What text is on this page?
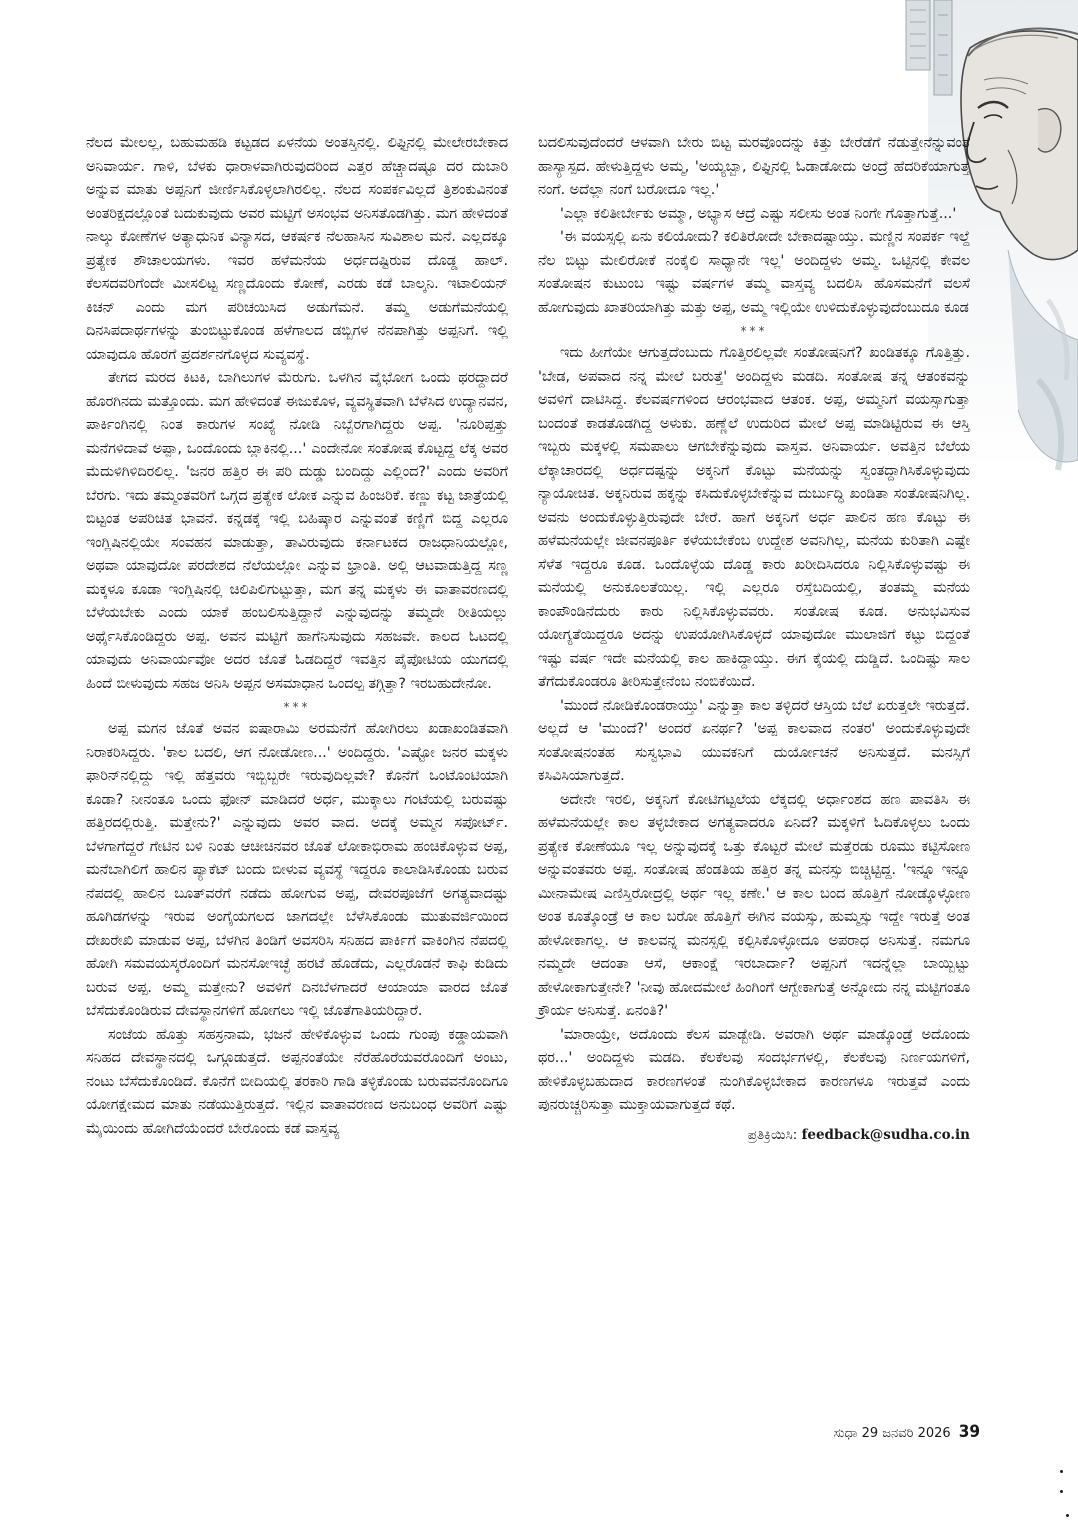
ನೆಲದ ಮೇಲಲ್ಲ, ಬಹುಮಹಡಿ ಕಟ್ಟಡದ ಏಳನೆಯ ಅಂತಸ್ತಿನಲ್ಲಿ. ಲಿಫ್ಟಿನಲ್ಲಿ ಮೇಲೇರಬೇಕಾದ ಅನಿವಾರ್ಯ. ಗಾಳಿ, ಬೆಳಕು ಧಾರಾಳವಾಗಿರುವುದರಿಂದ ಎತ್ತರ ಹೆಚ್ಚಾದಷ್ಟೂ ದರ ದುಬಾರಿ ಅನ್ನುವ ಮಾತು ಅಪ್ಪನಿಗೆ ಜೀರ್ಣಿಸಿಕೊಳ್ಳಲಾಗಿರಲಿಲ್ಲ. ನೆಲದ ಸಂಪರ್ಕವಿಲ್ಲದೆ ತ್ರಿಶಂಕುವಿನಂತೆ ಅಂತರಿಕ್ಷದಲ್ಲೊಂತೆ ಬದುಕುವುದು ಅವರ ಮಟ್ಟಿಗೆ ಅಸಂಭವ ಅನಿಸತೊಡಗಿತ್ತು. ಮಗ ಹೇಳಿದಂತೆ ನಾಲ್ಕು ಕೋಣೆಗಳ ಅತ್ಯಾಧುನಿಕ ವಿನ್ಯಾಸದ, ಆಕರ್ಷಕ ನೆಲಹಾಸಿನ ಸುವಿಶಾಲ ಮನೆ. ಎಲ್ಲದಕ್ಕೂ ಪ್ರತ್ಯೇಕ ಶೌಚಾಲಯಗಳು. ಇವರ ಹಳೆಮನೆಯ ಅರ್ಧದಷ್ಟಿರುವ ದೊಡ್ಡ ಹಾಲ್. ಕೆಲಸದವರಿಗೆಂದೇ ಮೀಸಲಿಟ್ಟ ಸಣ್ಣದೊಂದು ಕೋಣೆ, ಎರಡು ಕಡೆ ಬಾಲ್ಕನಿ. ಇಟಾಲಿಯನ್ ಕಿಚನ್ ಎಂದು ಮಗ ಪರಿಚಯಿಸಿದ ಅಡುಗೆಮನೆ. ತಮ್ಮ ಅಡುಗೆಮನೆಯಲ್ಲಿ ದಿನಸಿಪದಾರ್ಥಗಳನ್ನು ತುಂಬಿಟ್ಟುಕೊಂಡ ಹಳೆಗಾಲದ ಡಬ್ಬಿಗಳ ನೆನಪಾಗಿತ್ತು ಅಪ್ಪನಿಗೆ. ಇಲ್ಲಿ ಯಾವುದೂ ಹೊರಗೆ ಪ್ರದರ್ಶನಗೊಳ್ಳದ ಸುವ್ಯವಸ್ಥೆ.

ತೇಗದ ಮರದ ಕಿಟಕಿ, ಬಾಗಿಲುಗಳ ಮೆರುಗು. ಒಳಗಿನ ವೈಭೋಗ ಒಂದು ಥರದ್ದಾದರೆ ಹೊರಗಿನದು ಮತ್ತೊಂದು. ಮಗ ಹೇಳಿದಂತೆ ಈಜುಕೊಳ, ವ್ಯವಸ್ಥಿತವಾಗಿ ಬೆಳೆಸಿದ ಉದ್ಯಾನವನ, ಪಾರ್ಕಿಂಗಿನಲ್ಲಿ ನಿಂತ ಕಾರುಗಳ ಸಂಖ್ಯೆ ನೋಡಿ ನಿಬ್ಬೆರಗಾಗಿದ್ದರು ಅಪ್ಪ. 'ನೂರಿಪ್ಪತ್ತು ಮನೆಗಳಿದಾವೆ ಅಪ್ಪಾ, ಒಂದೊಂದು ಬ್ಲಾಕಿನಲ್ಲಿ...' ಎಂದೇನೋ ಸಂತೋಷ ಕೊಟ್ಟದ್ದ ಲೆಕ್ಕ ಅವರ ಮೆದುಳಿಗಿಳಿದಿರಲಿಲ್ಲ. 'ಜನರ ಹತ್ತಿರ ಈ ಪರಿ ದುಡ್ಡು ಬಂದಿದ್ದು ಎಲ್ಲಿಂದ?' ಎಂದು ಅವರಿಗೆ ಬೆರಗು. ಇದು ತಮ್ಮಂತವರಿಗೆ ಒಗ್ಗದ ಪ್ರತ್ಯೇಕ ಲೋಕ ಎನ್ನುವ ಹಿಂಜರಿಕೆ. ಕಣ್ಣು ಕಟ್ಟ ಜಾತ್ರೆಯಲ್ಲಿ ಬಿಟ್ಟಂತ ಅಪರಿಚಿತ ಭಾವನೆ. ಕನ್ನಡಕ್ಕೆ ಇಲ್ಲಿ ಬಹಿಷ್ಕಾರ ಎನ್ನುವಂತೆ ಕಣ್ಣಿಗೆ ಬಿದ್ದ ಎಲ್ಲರೂ ಇಂಗ್ಲಿಷಿನಲ್ಲಿಯೇ ಸಂವಹನ ಮಾಡುತ್ತಾ, ತಾವಿರುವುದು ಕರ್ನಾಟಕದ ರಾಜಧಾನಿಯಲ್ಲೋ, ಅಥವಾ ಯಾವುದೋ ಪರದೇಶದ ನೆಲೆಯಲ್ಲೋ ಎನ್ನುವ ಭ್ರಾಂತಿ. ಅಲ್ಲಿ ಆಟವಾಡುತ್ತಿದ್ದ ಸಣ್ಣ ಮಕ್ಕಳೂ ಕೂಡಾ ಇಂಗ್ಲಿಷಿನಲ್ಲಿ ಚಿಲಿಪಿಲಿಗುಟ್ಟುತ್ತಾ, ಮಗ ತನ್ನ ಮಕ್ಕಳು ಈ ವಾತಾವರಣದಲ್ಲಿ ಬೆಳೆಯಬೇಕು ಎಂದು ಯಾಕೆ ಹಂಬಲಿಸುತ್ತಿದ್ದಾನೆ ಎನ್ನುವುದನ್ನು ತಮ್ಮದೇ ರೀತಿಯಲ್ಲು ಅರ್ಥೈಸಿಕೊಂಡಿದ್ದರು ಅಪ್ಪ. ಅವನ ಮಟ್ಟಿಗೆ ಹಾಗೆನಿಸುವುದು ಸಹಜವೇ. ಕಾಲದ ಓಟದಲ್ಲಿ ಯಾವುದು ಅನಿವಾರ್ಯವೋ ಅದರ ಜೊತೆ ಓಡದಿದ್ದರೆ ಇವತ್ತಿನ ಪೈಪೋಟಿಯ ಯುಗದಲ್ಲಿ ಹಿಂದೆ ಬೀಳುವುದು ಸಹಜ ಅನಿಸಿ ಅಪ್ಪನ ಅಸಮಾಧಾನ ಒಂದಲ್ಪ ತಗ್ಗಿತ್ತಾ? ಇರಬಹುದೇನೋ.

***

ಅಪ್ಪ ಮಗನ ಜೊತೆ ಅವನ ಐಷಾರಾಮಿ ಅರಮನೆಗೆ ಹೋಗಿರಲು ಖಡಾಖಂಡಿತವಾಗಿ ನಿರಾಕರಿಸಿದ್ದರು. 'ಕಾಲ ಬದಲಿ, ಆಗ ನೋಡೋಣ...' ಅಂದಿದ್ದರು. 'ಎಷ್ಟೋ ಜನರ ಮಕ್ಕಳು ಫಾರಿನ್‌ನಲ್ಲಿದ್ದು ಇಲ್ಲಿ ಹೆತ್ತವರು ಇಬ್ಬಿಬ್ಬರೇ ಇರುವುದಿಲ್ಲವೇ? ಕೊನೆಗೆ ಒಂಟೊಂಟಿಯಾಗಿ ಕೂಡಾ? ನೀನಂತೂ ಒಂದು ಫೋನ್ ಮಾಡಿದರೆ ಅರ್ಧ, ಮುಕ್ಕಾಲು ಗಂಟೆಯಲ್ಲಿ ಬರುವಷ್ಟು ಹತ್ತಿರದಲ್ಲಿರುತ್ತಿ. ಮತ್ತೇನು?' ಎನ್ನುವುದು ಅವರ ವಾದ. ಅದಕ್ಕೆ ಅಮ್ಮನ ಸಪೋರ್ಟ್. ಬೆಳಗಾಗೆದ್ದರೆ ಗೇಟಿನ ಬಳಿ ನಿಂತು ಆಚೀಚಿನವರ ಜೊತೆ ಲೋಕಾಭಿರಾಮ ಹಂಚಿಕೊಳ್ಳುವ ಅಪ್ಪ, ಮನೆಬಾಗಿಲಿಗೆ ಹಾಲಿನ ಪ್ಯಾಕೆಟ್ ಬಂದು ಬೀಳುವ ವ್ಯವಸ್ಥೆ ಇದ್ದರೂ ಕಾಲಾಡಿಸಿಕೊಂಡು ಬರುವ ನೆಪದಲ್ಲಿ ಹಾಲಿನ ಬೂತ್‌ವರೆಗೆ ನಡೆದು ಹೋಗುವ ಅಪ್ಪ, ದೇವರಪೂಜೆಗೆ ಅಗತ್ಯವಾದಷ್ಟು ಹೂಗಿಡಗಳನ್ನು ಇರುವ ಅಂಗೈಯಗಲದ ಜಾಗದಲ್ಲೇ ಬೆಳೆಸಿಕೊಂಡು ಮುತುವರ್ಜಿಯಿಂದ ದೇಖರೇಖಿ ಮಾಡುವ ಅಪ್ಪ, ಬೆಳಗಿನ ತಿಂಡಿಗೆ ಅವಸರಿಸಿ ಸನಿಹದ ಪಾರ್ಕಿಗೆ ವಾಕಿಂಗಿನ ನೆಪದಲ್ಲಿ ಹೋಗಿ ಸಮವಯಸ್ಕರೊಂದಿಗೆ ಮನಸೋಇಚ್ಛೆ ಹರಟೆ ಹೊಡೆದು, ಎಲ್ಲರೊಡನೆ ಕಾಫಿ ಕುಡಿದು ಬರುವ ಅಪ್ಪ. ಅಮ್ಮ ಮತ್ತೇನು? ಅವಳಿಗೆ ದಿನಬೆಳಗಾದರೆ ಆಯಾಯಾ ವಾರದ ಜೊತೆ ಬೆಸೆದುಕೊಂಡಿರುವ ದೇವಸ್ಥಾನಗಳಿಗೆ ಹೋಗಲು ಇಲ್ಲಿ ಜೊತೆಗಾತಿಯರಿದ್ದಾರೆ.

ಸಂಜೆಯ ಹೊತ್ತು ಸಹಸ್ರನಾಮ, ಭಜನೆ ಹೇಳಿಕೊಳ್ಳುವ ಒಂದು ಗುಂಪು ಕಡ್ಡಾಯವಾಗಿ ಸನಿಹದ ದೇವಸ್ಥಾನದಲ್ಲಿ ಒಗ್ಗೂಡುತ್ತದೆ. ಅಪ್ಪನಂತೆಯೇ ನೆರೆಹೊರೆಯವರೊಂದಿಗೆ ಅಂಟು, ನಂಟು ಬೆಸೆದುಕೊಂಡಿದೆ. ಕೊನೆಗೆ ಬೀದಿಯಲ್ಲಿ ತರಕಾರಿ ಗಾಡಿ ತಳ್ಳಿಕೊಂಡು ಬರುವವನೊಂದಿಗೂ ಯೋಗಕ್ಷೇಮದ ಮಾತು ನಡೆಯುತ್ತಿರುತ್ತದೆ. ಇಲ್ಲಿನ ವಾತಾವರಣದ ಅನುಬಂಧ ಅವರಿಗೆ ಎಷ್ಟು ಮೈಯಿಂದು ಹೋಗಿದೆಯೆಂದರೆ ಬೇರೊಂದು ಕಡೆ ವಾಸ್ತವ್ಯ

ಬದಲಿಸುವುದೆಂದರೆ ಆಳವಾಗಿ ಬೇರು ಬಿಟ್ಟ ಮರವೊಂದನ್ನು ಕಿತ್ತು ಬೇರೆಡೆಗೆ ನೆಡುತ್ತೇನೆನ್ನುವಂತೆ ಹಾಸ್ಯಾಸ್ಪದ. ಹೇಳುತ್ತಿದ್ದಳು ಅಮ್ಮ, 'ಅಯ್ಯಬ್ಬಾ, ಲಿಫ್ಟಿನಲ್ಲಿ ಓಡಾಡೋದು ಅಂದ್ರೆ ಹೆದರಿಕೆಯಾಗುತ್ತೆ ನಂಗೆ. ಅದೆಲ್ಲಾ ನಂಗೆ ಬರೋದೂ ಇಲ್ಲ.'

'ಎಲ್ಲಾ ಕಲಿತೀರ್ಬೇಕು ಅಮ್ಮಾ, ಅಭ್ಯಾಸ ಆದ್ರೆ ಎಷ್ಟು ಸಲೀಸು ಅಂತ ನಿಂಗೇ ಗೊತ್ತಾಗುತ್ತೆ...'

'ಈ ವಯಸ್ಸಲ್ಲಿ ಏನು ಕಲಿಯೋದು? ಕಲಿತಿರೋದೇ ಬೇಕಾದಷ್ಟಾಯ್ತು. ಮಣ್ಣಿನ ಸಂಪರ್ಕ ಇಲ್ದೆ ನೆಲ ಬಿಟ್ಟು ಮೇಲಿರೋಕೆ ನಂಕೈಲಿ ಸಾಧ್ಯಾನೇ ಇಲ್ಲ' ಅಂದಿದ್ದಳು ಅಮ್ಮ. ಒಟ್ಟಿನಲ್ಲಿ ಕೇವಲ ಸಂತೋಷನ ಕುಟುಂಬ ಇಷ್ಟು ವರ್ಷಗಳ ತಮ್ಮ ವಾಸ್ತವ್ಯ ಬದಲಿಸಿ ಹೊಸಮನೆಗೆ ವಲಸೆ ಹೋಗುವುದು ಖಾತರಿಯಾಗಿತ್ತು ಮತ್ತು ಅಪ್ಪ, ಅಮ್ಮ ಇಲ್ಲಿಯೇ ಉಳಿದುಕೊಳ್ಳುವುದೆಂಬುದೂ ಕೂಡ

***

ಇದು ಹೀಗೆಯೇ ಆಗುತ್ತದೆಂಬುದು ಗೊತ್ತಿರಲಿಲ್ಲವೇ ಸಂತೋಷನಿಗೆ? ಖಂಡಿತಕ್ಕೂ ಗೊತ್ತಿತ್ತು. 'ಬೇಡ, ಅಪವಾದ ನನ್ನ ಮೇಲೆ ಬರುತ್ತೆ' ಅಂದಿದ್ದಳು ಮಡದಿ. ಸಂತೋಷ ತನ್ನ ಆತಂಕವನ್ನು ಅವಳಿಗೆ ದಾಟಿಸಿದ್ದ. ಕೆಲವರ್ಷಗಳಿಂದ ಆರಂಭವಾದ ಆತಂಕ. ಅಪ್ಪ, ಅಮ್ಮನಿಗೆ ವಯಸ್ಸಾಗುತ್ತಾ ಬಂದಂತೆ ಕಾಡತೊಡಗಿದ್ದ ಅಳುಕು. ಹಣ್ಣೆಲೆ ಉದುರಿದ ಮೇಲೆ ಅಪ್ಪ ಮಾಡಿಟ್ಟಿರುವ ಈ ಆಸ್ತಿ ಇಬ್ಬರು ಮಕ್ಕಳಲ್ಲಿ ಸಮಪಾಲು ಆಗಬೇಕೆನ್ನುವುದು ವಾಸ್ತವ. ಅನಿವಾರ್ಯ. ಅವತ್ತಿನ ಬೆಲೆಯ ಲೆಕ್ಕಾಚಾರದಲ್ಲಿ ಅರ್ಧದಷ್ಟನ್ನು ಅಕ್ಕನಿಗೆ ಕೊಟ್ಟು ಮನೆಯನ್ನು ಸ್ವಂತದ್ದಾಗಿಸಿಕೊಳ್ಳುವುದು ನ್ಯಾಯೋಚಿತ. ಅಕ್ಕನಿರುವ ಹಕ್ಕನ್ನು ಕಸಿದುಕೊಳ್ಳಬೇಕೆನ್ನುವ ದುರ್ಬುದ್ಧಿ ಖಂಡಿತಾ ಸಂತೋಷನಿಗಿಲ್ಲ. ಅವನು ಅಂದುಕೊಳ್ಳುತ್ತಿರುವುದೇ ಬೇರೆ. ಹಾಗೆ ಅಕ್ಕನಿಗೆ ಅರ್ಧ ಪಾಲಿನ ಹಣ ಕೊಟ್ಟು ಈ ಹಳೆಮನೆಯಲ್ಲೇ ಜೀವನಪೂರ್ತಿ ಕಳೆಯಬೇಕೆಂಬ ಉದ್ದೇಶ ಅವನಿಗಿಲ್ಲ, ಮನೆಯ ಕುರಿತಾಗಿ ಎಷ್ಟೇ ಸೆಳೆತ ಇದ್ದರೂ ಕೂಡ. ಒಂದೊಳ್ಳೆಯ ದೊಡ್ಡ ಕಾರು ಖರೀದಿಸಿದರೂ ನಿಲ್ಲಿಸಿಕೊಳ್ಳುವಷ್ಟು ಈ ಮನೆಯಲ್ಲಿ ಅನುಕೂಲತೆಯಿಲ್ಲ. ಇಲ್ಲಿ ಎಲ್ಲರೂ ರಸ್ತೆಬದಿಯಲ್ಲಿ, ತಂತಮ್ಮ ಮನೆಯ ಕಾಂಪೌಂಡಿನೆದುರು ಕಾರು ನಿಲ್ಲಿಸಿಕೊಳ್ಳುವವರು. ಸಂತೋಷ ಕೂಡ. ಅನುಭವಿಸುವ ಯೋಗ್ಯತೆಯಿದ್ದರೂ ಅದನ್ನು ಉಪಯೋಗಿಸಿಕೊಳ್ಳದೆ ಯಾವುದೋ ಮುಲಾಜಿಗೆ ಕಟ್ಟು ಬಿದ್ದಂತೆ ಇಷ್ಟು ವರ್ಷ ಇದೇ ಮನೆಯಲ್ಲಿ ಕಾಲ ಹಾಕಿದ್ದಾಯ್ತು. ಈಗ ಕೈಯಲ್ಲಿ ದುಡ್ಡಿದೆ. ಒಂದಿಷ್ಟು ಸಾಲ ತೆಗೆದುಕೊಂಡರೂ ತೀರಿಸುತ್ತೇನೆಂಬ ನಂಬಿಕೆಯಿದೆ.

'ಮುಂದೆ ನೋಡಿಕೊಂಡರಾಯ್ತು' ಎನ್ನುತ್ತಾ ಕಾಲ ತಳ್ಳಿದರೆ ಆಸ್ತಿಯ ಬೆಲೆ ಏರುತ್ತಲೇ ಇರುತ್ತದೆ. ಅಲ್ಲದೆ ಆ 'ಮುಂದೆ?' ಅಂದರೆ ಏನರ್ಥ? 'ಅಪ್ಪ ಕಾಲವಾದ ನಂತರ' ಅಂದುಕೊಳ್ಳುವುದೇ ಸಂತೋಷನಂತಹ ಸುಸ್ವಭಾವಿ ಯುವಕನಿಗೆ ದುರ್ಯೋಚನೆ ಅನಿಸುತ್ತದೆ. ಮನಸ್ಸಿಗೆ ಕಸಿವಿಸಿಯಾಗುತ್ತದೆ.

ಅದೇನೇ ಇರಲಿ, ಅಕ್ಕನಿಗೆ ಕೋಟಿಗಟ್ಟಲೆಯ ಲೆಕ್ಕದಲ್ಲಿ ಅರ್ಧಾಂಶದ ಹಣ ಪಾವತಿಸಿ ಈ ಹಳೆಮನೆಯಲ್ಲೇ ಕಾಲ ತಳ್ಳಬೇಕಾದ ಅಗತ್ಯವಾದರೂ ಏನಿದೆ? ಮಕ್ಕಳಿಗೆ ಓದಿಕೊಳ್ಳಲು ಒಂದು ಪ್ರತ್ಯೇಕ ಕೋಣೆಯೂ ಇಲ್ಲ ಅನ್ನುವುದಕ್ಕೆ ಒತ್ತು ಕೊಟ್ಟರೆ ಮೇಲೆ ಮತ್ತೆರಡು ರೂಮು ಕಟ್ಟಿಸೋಣ ಅನ್ನುವಂತವರು ಅಪ್ಪ. ಸಂತೋಷ ಹೆಂಡತಿಯ ಹತ್ತಿರ ತನ್ನ ಮನಸ್ಸು ಬಿಚ್ಚಿಟ್ಟಿದ್ದ. 'ಇನ್ನೂ ಇನ್ನೂ ಮೀನಾಮೇಷ ಎಣಿಸ್ತಿರೋದ್ರಲ್ಲಿ ಅರ್ಥ ಇಲ್ಲ ಕಣೇ.' ಆ ಕಾಲ ಬಂದ ಹೊತ್ತಿಗೆ ನೋಡ್ಕೊಳ್ಳೋಣ ಅಂತ ಕೂತ್ಕೊಂಡ್ರೆ ಆ ಕಾಲ ಬರೋ ಹೊತ್ತಿಗೆ ಈಗಿನ ವಯಸ್ಸು, ಹುಮ್ಮಸ್ಸು ಇದ್ದೇ ಇರುತ್ತೆ ಅಂತ ಹೇಳೋಕಾಗಲ್ಲ. ಆ ಕಾಲವನ್ನ ಮನಸ್ಸಲ್ಲಿ ಕಲ್ಪಿಸಿಕೊಳ್ಳೋದೂ ಅಪರಾಧ ಅನಿಸುತ್ತೆ. ನಮಗೂ ನಮ್ಮದೇ ಆದಂತಾ ಆಸೆ, ಆಕಾಂಕ್ಷೆ ಇರಬಾರ್ದಾ? ಅಪ್ಪನಿಗೆ ಇದನ್ನೆಲ್ಲಾ ಬಾಯ್ಬಿಟ್ಟು ಹೇಳೋಕಾಗುತ್ತೇನೇ? 'ನೀವು ಹೋದಮೇಲೆ ಹಿಂಗಿಂಗೆ ಆಗ್ಬೇಕಾಗುತ್ತೆ ಅನ್ನೋದು ನನ್ನ ಮಟ್ಟಿಗಂತೂ ಕ್ರೌರ್ಯ ಅನಿಸುತ್ತೆ. ಏನಂತಿ?'

'ಮಾರಾಯ್ರೇ, ಅದೊಂದು ಕೆಲಸ ಮಾಡ್ಬೇಡಿ. ಅವರಾಗಿ ಅರ್ಥ ಮಾಡ್ಕೊಂಡ್ರೆ ಅದೊಂದು ಥರ...' ಅಂದಿದ್ದಳು ಮಡದಿ. ಕೆಲಕೆಲವು ಸಂದರ್ಭಗಳಲ್ಲಿ, ಕೆಲಕೆಲವು ನಿರ್ಣಯಗಳಿಗೆ, ಹೇಳಿಕೊಳ್ಳಬಹುದಾದ ಕಾರಣಗಳಂತೆ ನುಂಗಿಕೊಳ್ಳಬೇಕಾದ ಕಾರಣಗಳೂ ಇರುತ್ತವೆ ಎಂದು ಪುನರುಚ್ಚರಿಸುತ್ತಾ ಮುಕ್ತಾಯವಾಗುತ್ತದೆ ಕಥೆ.

ಪ್ರತಿಕ್ರಿಯಿಸಿ: feedback@sudha.co.in
ಸುಧಾ 29 ಜನವರಿ 2026 39
